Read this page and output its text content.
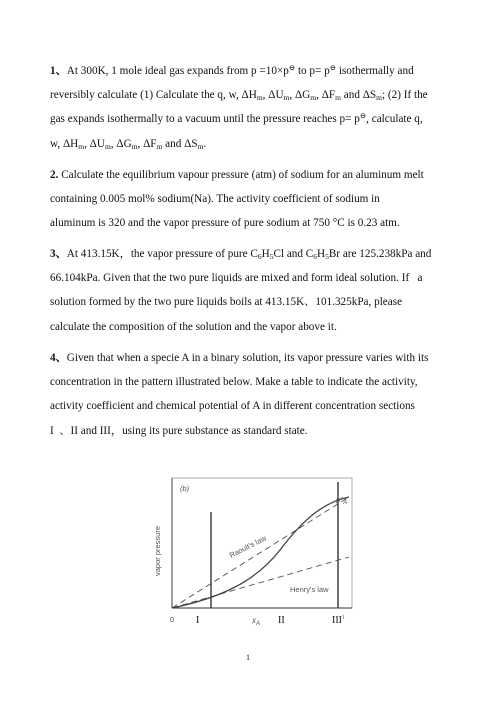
1、At 300K, 1 mole ideal gas expands from p =10×p⊖ to p= p⊖ isothermally and
reversibly calculate (1) Calculate the q, w, $\Delta H_m$, $\Delta U_m$, $\Delta G_m$, $\Delta F_m$ and $\Delta S_m$; (2) If the
gas expands isothermally to a vacuum until the pressure reaches p= p⊖, calculate q,
w, $\Delta H_m$, $\Delta U_m$, $\Delta G_m$, $\Delta F_m$ and $\Delta S_m$.
2. Calculate the equilibrium vapour pressure (atm) of sodium for an aluminum melt
containing 0.005 mol% sodium(Na). The activity coefficient of sodium in
aluminum is 320 and the vapor pressure of pure sodium at 750 °C is 0.23 atm.
3、At 413.15K，the vapor pressure of pure $C_6H_5Cl$ and $C_6H_5Br$ are 125.238kPa and
66.104kPa. Given that the two pure liquids are mixed and form ideal solution. If   a
solution formed by the two pure liquids boils at 413.15K、101.325kPa, please
calculate the composition of the solution and the vapor above it.
4、Given that when a specie A in a binary solution, its vapor pressure varies with its
concentration in the pattern illustrated below. Make a table to indicate the activity,
activity coefficient and chemical potential of A in different concentration sections
I  、II and III，using its pure substance as standard state.
(b)
vapor pressure	Raoult's law
Henry's law
$p^\circ_A$
0 I	$x_A$ II	III$^1$
1
